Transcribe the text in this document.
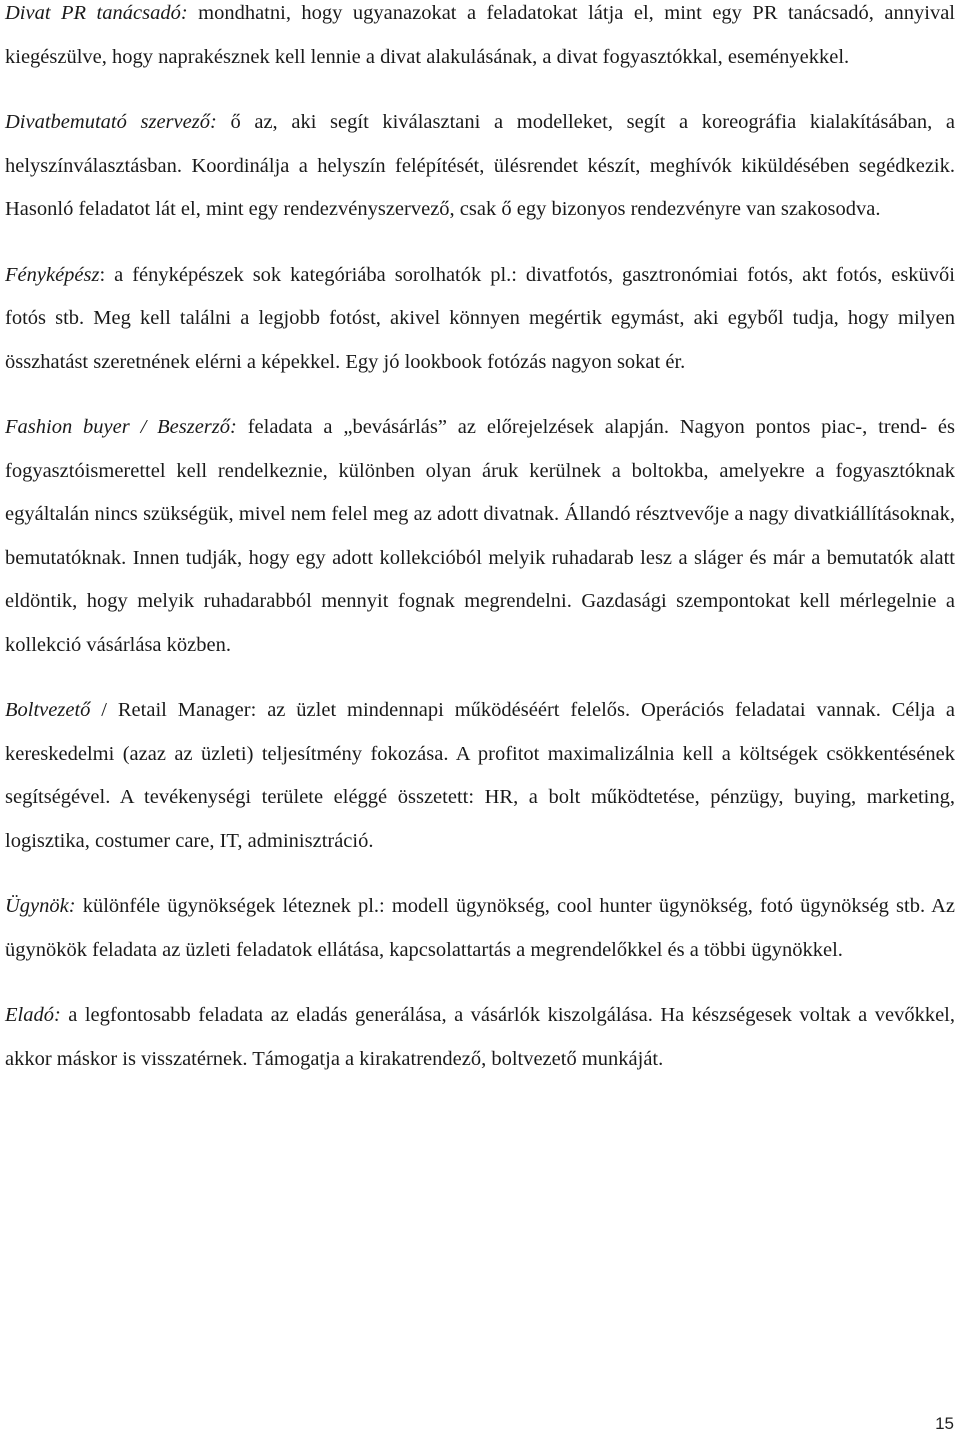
Divat PR tanácsadó: mondhatni, hogy ugyanazokat a feladatokat látja el, mint egy PR tanácsadó, annyival kiegészülve, hogy naprakésznek kell lennie a divat alakulásának, a divat fogyasztókkal, eseményekkel.

Divatbemutató szervező: ő az, aki segít kiválasztani a modelleket, segít a koreográfia kialakításában, a helyszínválasztásban. Koordinálja a helyszín felépítését, ülésrendet készít, meghívók kiküldésében segédkezik. Hasonló feladatot lát el, mint egy rendezvényszervező, csak ő egy bizonyos rendezvényre van szakosodva.

Fényképész: a fényképészek sok kategóriába sorolhatók pl.: divatfotós, gasztronómiai fotós, akt fotós, esküvői fotós stb. Meg kell találni a legjobb fotóst, akivel könnyen megértik egymást, aki egyből tudja, hogy milyen összhatást szeretnének elérni a képekkel. Egy jó lookbook fotózás nagyon sokat ér.

Fashion buyer / Beszerző: feladata a „bevásárlás” az előrejelzések alapján. Nagyon pontos piac-, trend- és fogyasztóismerettel kell rendelkeznie, különben olyan áruk kerülnek a boltokba, amelyekre a fogyasztóknak egyáltalán nincs szükségük, mivel nem felel meg az adott divatnak. Állandó résztvevője a nagy divatkiállításoknak, bemutatóknak. Innen tudják, hogy egy adott kollekcióból melyik ruhadarab lesz a sláger és már a bemutatók alatt eldöntik, hogy melyik ruhadarabból mennyit fognak megrendelni. Gazdasági szempontokat kell mérlegelnie a kollekció vásárlása közben.

Boltvezető / Retail Manager: az üzlet mindennapi működéséért felelős. Operációs feladatai vannak. Célja a kereskedelmi (azaz az üzleti) teljesítmény fokozása. A profitot maximalizálnia kell a költségek csökkentésének segítségével. A tevékenységi területe eléggé összetett: HR, a bolt működtetése, pénzügy, buying, marketing, logisztika, costumer care, IT, adminisztráció.

Ügynök: különféle ügynökségek léteznek pl.: modell ügynökség, cool hunter ügynökség, fotó ügynökség stb. Az ügynökök feladata az üzleti feladatok ellátása, kapcsolattartás a megrendelőkkel és a többi ügynökkel.

Eladó: a legfontosabb feladata az eladás generálása, a vásárlók kiszolgálása. Ha készségesek voltak a vevőkkel, akkor máskor is visszatérnek. Támogatja a kirakatrendező, boltvezető munkáját.

15
